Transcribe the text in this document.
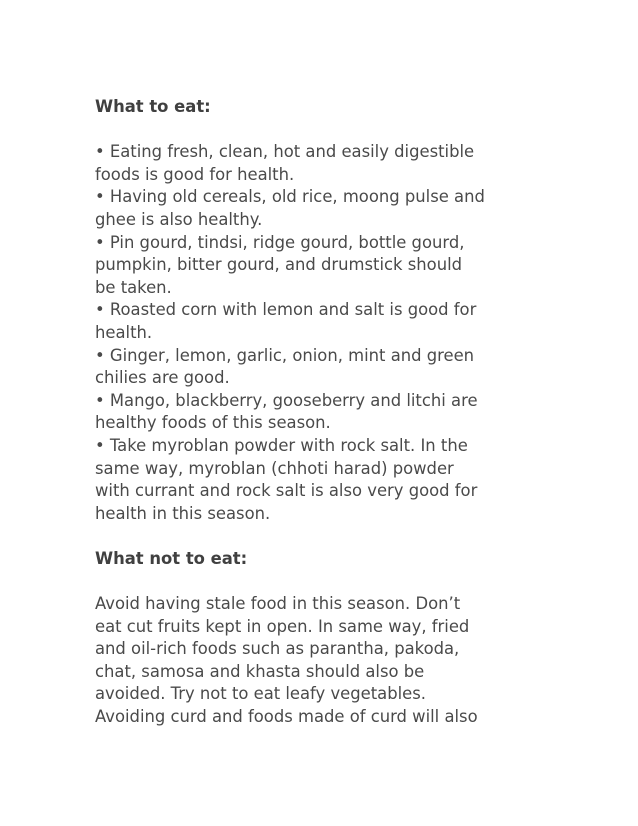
What to eat:

• Eating fresh, clean, hot and easily digestible

foods is good for health.

• Having old cereals, old rice, moong pulse and

ghee is also healthy.

• Pin gourd, tindsi, ridge gourd, bottle gourd,

pumpkin, bitter gourd, and drumstick should

be taken.

• Roasted corn with lemon and salt is good for

health.

• Ginger, lemon, garlic, onion, mint and green

chilies are good.

• Mango, blackberry, gooseberry and litchi are

healthy foods of this season.

• Take myroblan powder with rock salt. In the

same way, myroblan (chhoti harad) powder

with currant and rock salt is also very good for

health in this season.

What not to eat:

Avoid having stale food in this season. Don’t

eat cut fruits kept in open. In same way, fried

and oil-rich foods such as parantha, pakoda,

chat, samosa and khasta should also be

avoided. Try not to eat leafy vegetables.

Avoiding curd and foods made of curd will also
